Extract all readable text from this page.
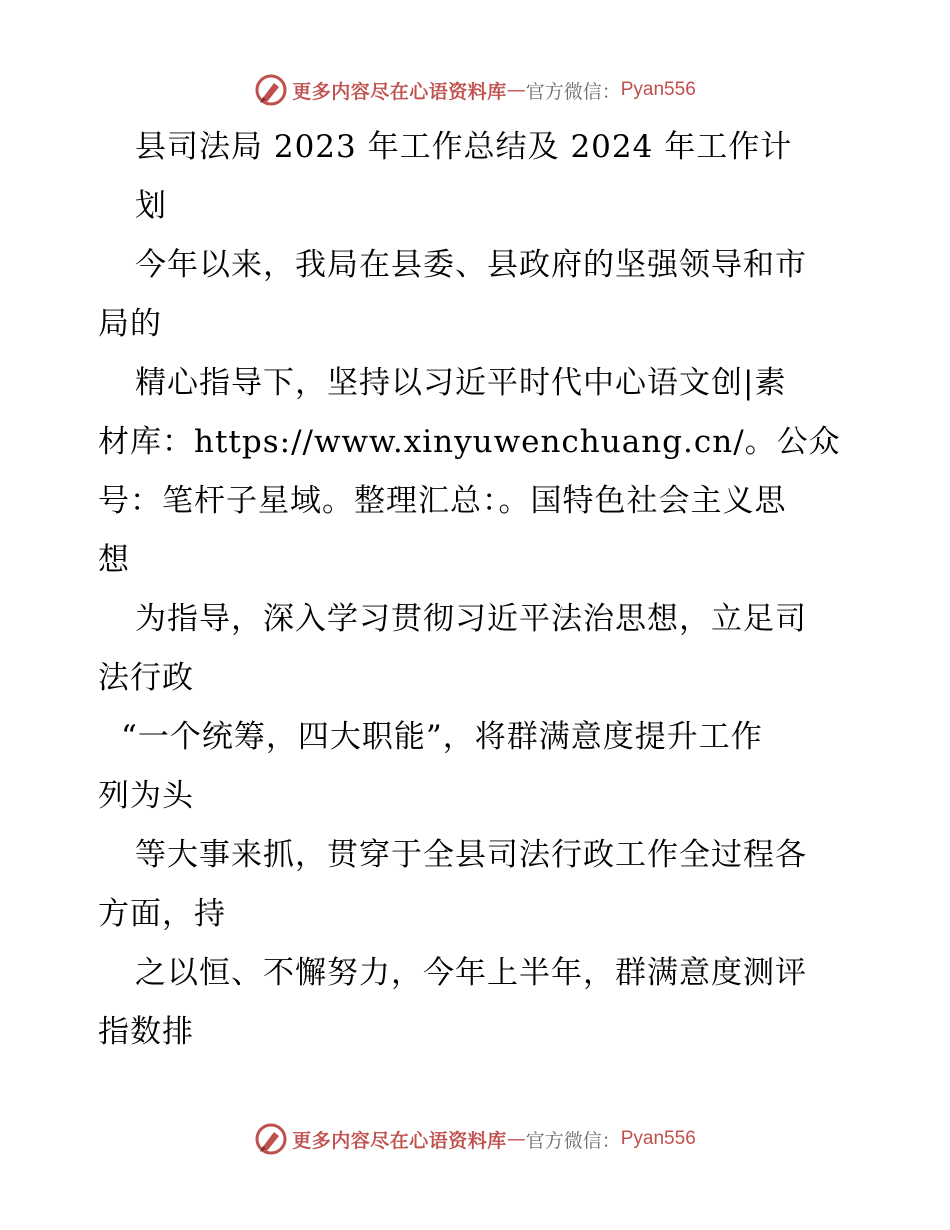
更多内容尽在心语资料库 — 官方微信： Pyan556
县司法局 2023 年工作总结及 2024 年工作计
划
今年以来，我局在县委、县政府的坚强领导和市
局的
精心指导下，坚持以习近平时代中心语文创|素
材库：https://www.xinyuwenchuang.cn/。公众
号：笔杆子星域。整理汇总：。国特色社会主义思
想
为指导，深入学习贯彻习近平法治思想，立足司
法行政
“一个统筹，四大职能”，将群满意度提升工作
列为头
等大事来抓，贯穿于全县司法行政工作全过程各
方面，持
之以恒、不懈努力，今年上半年，群满意度测评
指数排
更多内容尽在心语资料库 — 官方微信： Pyan556
